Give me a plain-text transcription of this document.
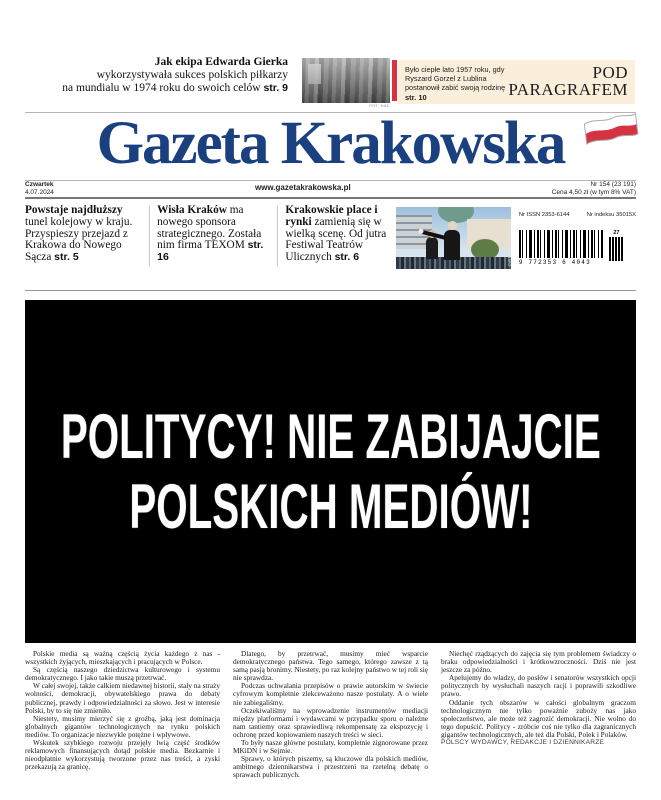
Jak ekipa Edwarda Gierka
wykorzystywała sukces polskich piłkarzy
na mundialu w 1974 roku do swoich celów str. 9
FOT. NAC
Było ciepłe lato 1957 roku, gdy Ryszard Gorzel z Lublina postanowił zabić swoją rodzinę
str. 10
POD
PARAGRAFEM
Gazeta Krakowska
Czwartek
4.07.2024	www.gazetakrakowska.pl	Nr 154 (23 191)
Cena 4,50 zł (w tym 8% VAT)
Powstaje najdłuższy tunel kolejowy w kraju. Przyspieszy przejazd z Krakowa do Nowego Sącza str. 5
Wisła Kraków ma nowego sponsora strategicznego. Została nim firma TEXOM str. 16
Krakowskie place i rynki zamienią się w wielką scenę. Od jutra Festiwal Teatrów Ulicznych str. 6	FOT. ANNA KACZMARZ
Nr ISSN 2353-6144	Nr indeksu 35015X
9 772353 6 4043
27
POLITYCY! NIE ZABIJAJCIE
POLSKICH MEDIÓW!

Polskie media są ważną częścią życia każdego z nas - wszystkich żyjących, mieszkających i pracujących w Polsce.

Są częścią naszego dziedzictwa kulturowego i systemu demokratycznego. I jako takie muszą przetrwać.

W całej swojej, także całkiem niedawnej historii, stały na straży wolności, demokracji, obywatelskiego prawa do debaty publicznej, prawdy i odpowiedzialności za słowo. Jest w interesie Polski, by to się nie zmieniło.

Niestety, musimy mierzyć się z groźbą, jaką jest dominacja globalnych gigantów technologicznych na rynku polskich mediów. To organizacje niezwykle potężne i wpływowe.

Wskutek szybkiego rozwoju przejęły lwią część środków reklamowych finansujących dotąd polskie media. Bezkarnie i nieodpłatnie wykorzystują tworzone przez nas treści, a zyski przekazują za granicę.

Dlatego, by przetrwać, musimy mieć wsparcie demokratycznego państwa. Tego samego, którego zawsze z tą samą pasją bronimy. Niestety, po raz kolejny państwo w tej roli się nie sprawdza.

Podczas uchwalania przepisów o prawie autorskim w świecie cyfrowym kompletnie zlekceważono nasze postulaty. A o wiele nie zabiegaliśmy.

Oczekiwaliśmy na wprowadzenie instrumentów mediacji między platformami i wydawcami w przypadku sporu o należne nam tantiemy oraz sprawiedliwą rekompensatę za ekspozycję i ochronę przed kopiowaniem naszych treści w sieci.

To były nasze główne postulaty, kompletnie zignorowane przez MKiDN i w Sejmie.

Sprawy, o których piszemy, są kluczowe dla polskich mediów, ambitnego dziennikarstwa i przestrzeni na rzetelną debatę o sprawach publicznych.

Niechęć rządzących do zajęcia się tym problemem świadczy o braku odpowiedzialności i krótkowzroczności. Dziś nie jest jeszcze za późno.

Apelujemy do władzy, do posłów i senatorów wszystkich opcji politycznych by wysłuchali naszych racji i poprawili szkodliwe prawo.

Oddanie tych obszarów w całości globalnym graczom technologicznym nie tylko poważnie zuboży nas jako społeczeństwo, ale może też zagrozić demokracji. Nie wolno do tego dopuścić. Politycy - zróbcie coś nie tylko dla zagranicznych gigantów technologicznych, ale też dla Polski, Polek i Polaków.

POLSCY WYDAWCY, REDAKCJE I DZIENNIKARZE
